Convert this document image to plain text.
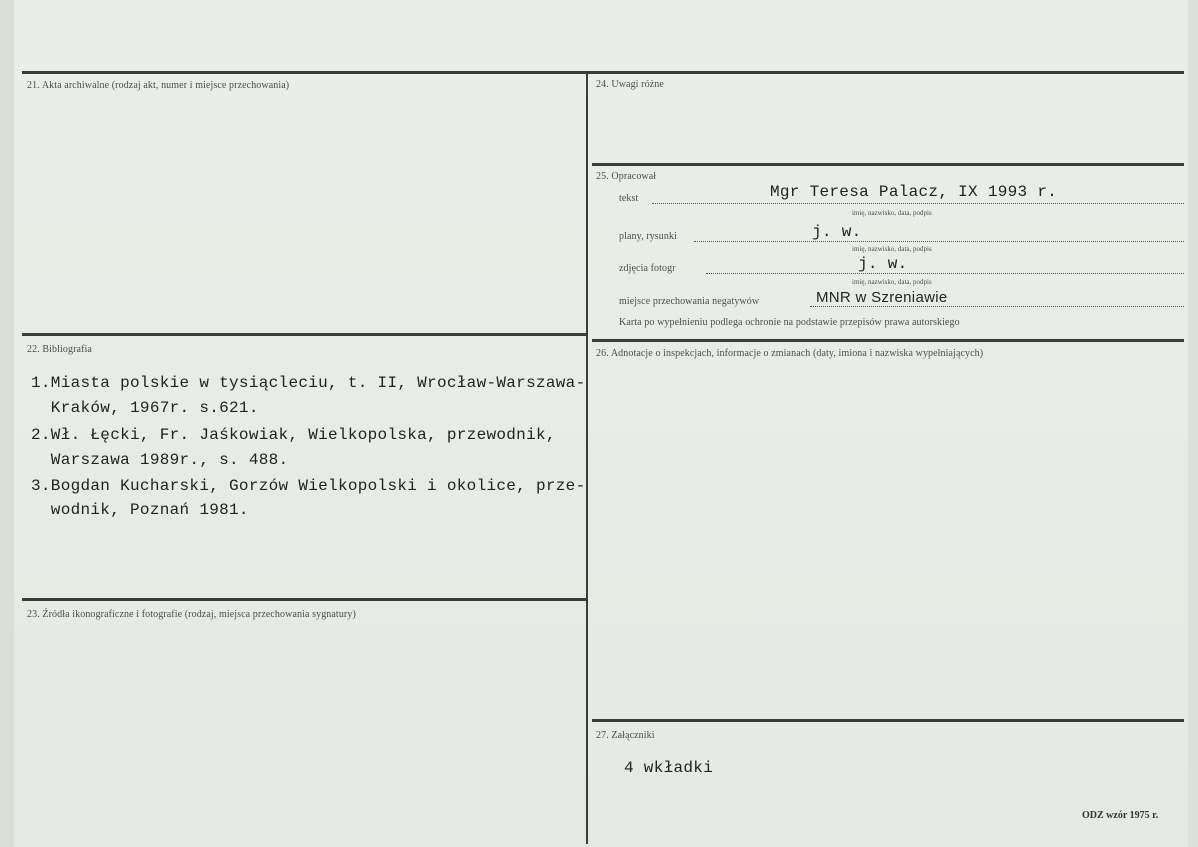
21. Akta archiwalne (rodzaj akt, numer i miejsce przechowania)	24. Uwagi różne
25. Opracował
tekst	Mgr Teresa Palacz, IX 1993 r.
imię, nazwisko, data, podpis
plany, rysunki	j. w.
imię, nazwisko, data, podpis
zdjęcia fotogr	j. w.
imię, nazwisko, data, podpis
miejsce przechowania negatywów	MNR w Szreniawie
Karta po wypełnieniu podlega ochronie na podstawie przepisów prawa autorskiego
22. Bibliografia
1.Miasta polskie w tysiącleciu, t. II, Wrocław-Warszawa-
Kraków, 1967r. s.621.
2.Wł. Łęcki, Fr. Jaśkowiak, Wielkopolska, przewodnik,
Warszawa 1989r., s. 488.
3.Bogdan Kucharski, Gorzów Wielkopolski i okolice, prze-
wodnik, Poznań 1981.
26. Adnotacje o inspekcjach, informacje o zmianach (daty, imiona i nazwiska wypełniających)
23. Źródła ikonograficzne i fotografie (rodzaj, miejsca przechowania sygnatury)
27. Załączniki
4 wkładki
ODZ wzór 1975 r.
